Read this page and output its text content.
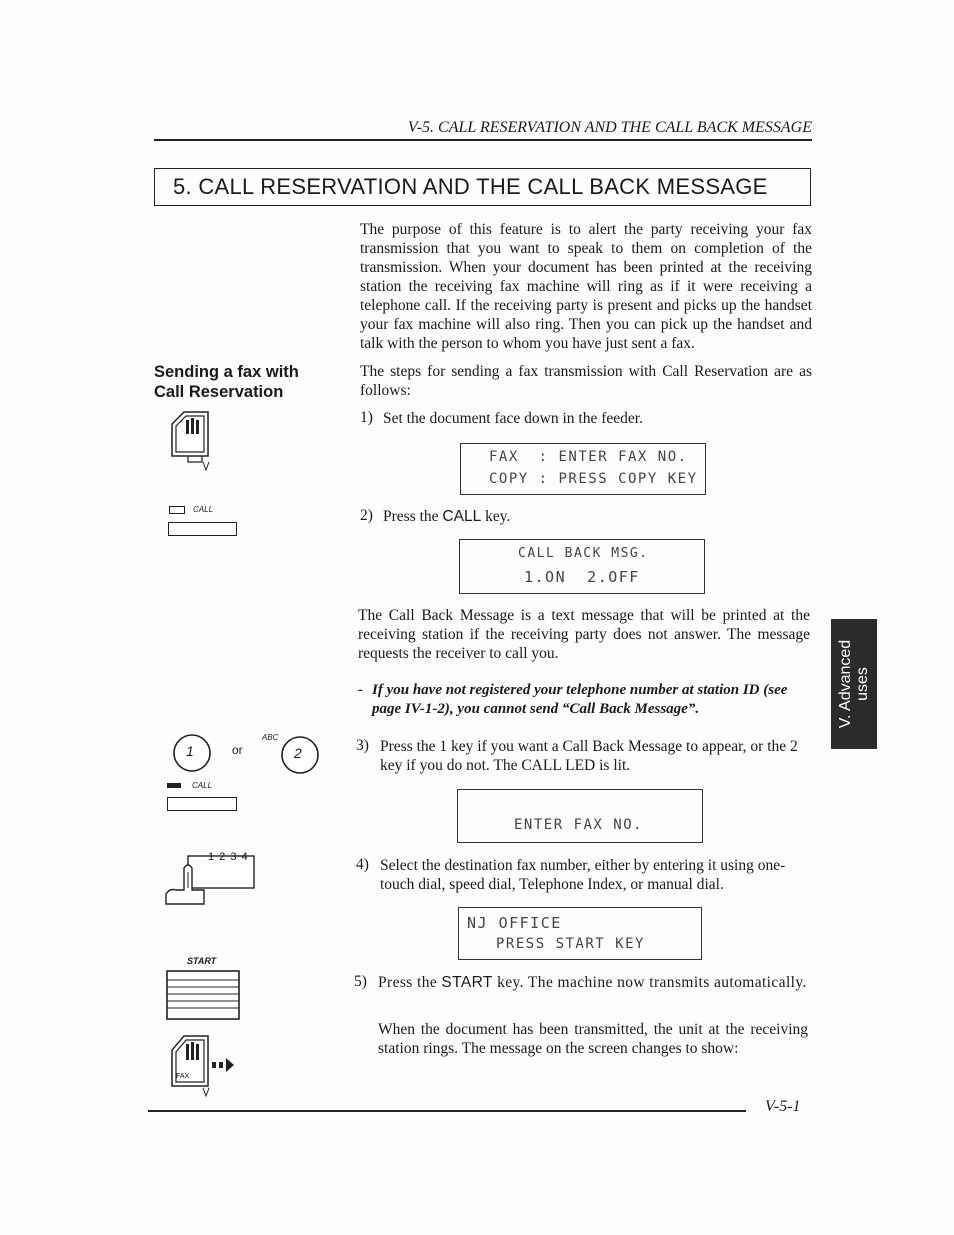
V-5. CALL RESERVATION AND THE CALL BACK MESSAGE
5. CALL RESERVATION AND THE CALL BACK MESSAGE
The purpose of this feature is to alert the party receiving your fax transmission that you want to speak to them on completion of the transmission. When your document has been printed at the receiving station the receiving fax machine will ring as if it were receiving a telephone call. If the receiving party is present and picks up the handset your fax machine will also ring. Then you can pick up the handset and talk with the person to whom you have just sent a fax.
Sending a fax with
Call Reservation
The steps for sending a fax transmission with Call Reservation are as follows:
1) Set the document face down in the feeder.
FAX  : ENTER FAX NO.
COPY : PRESS COPY KEY
2) Press the CALL key.
CALL BACK MSG.
1.ON  2.OFF
The Call Back Message is a text message that will be printed at the receiving station if the receiving party does not answer. The message requests the receiver to call you.
- If you have not registered your telephone number at station ID (see page IV-1-2), you cannot send “Call Back Message”.
3) Press the 1 key if you want a Call Back Message to appear, or the 2 key if you do not. The CALL LED is lit.
ENTER FAX NO.
4) Select the destination fax number, either by entering it using one-touch dial, speed dial, Telephone Index, or manual dial.
NJ OFFICE
PRESS START KEY
5) Press the START key. The machine now transmits automatically.
When the document has been transmitted, the unit at the receiving station rings. The message on the screen changes to show:
CALL
1	or
ABC
2
CALL
1 2 3 4
START
FAX
V. Advanced uses
V-5-1
